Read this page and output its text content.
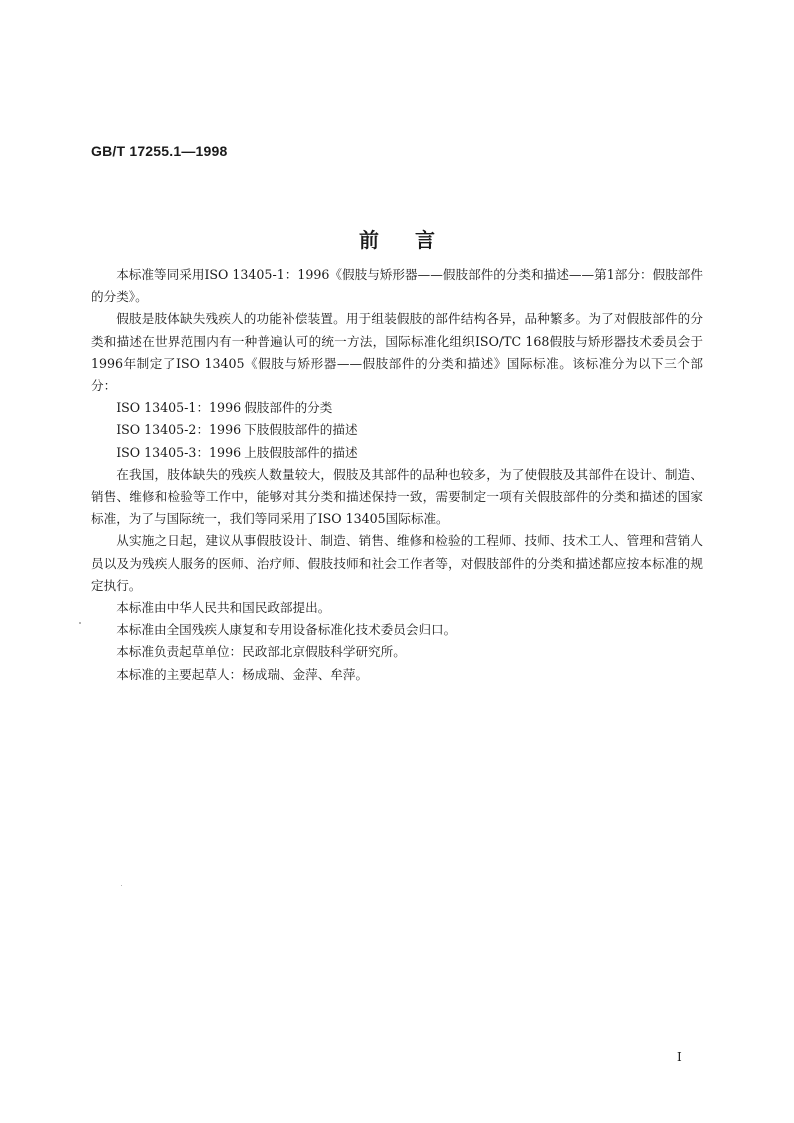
GB/T 17255.1—1998
前言

本标准等同采用ISO 13405-1：1996《假肢与矫形器——假肢部件的分类和描述——第1部分：假肢部件的分类》。

假肢是肢体缺失残疾人的功能补偿装置。用于组装假肢的部件结构各异，品种繁多。为了对假肢部件的分类和描述在世界范围内有一种普遍认可的统一方法，国际标准化组织ISO/TC 168假肢与矫形器技术委员会于1996年制定了ISO 13405《假肢与矫形器——假肢部件的分类和描述》国际标准。该标准分为以下三个部分：

ISO 13405-1：1996 假肢部件的分类

ISO 13405-2：1996 下肢假肢部件的描述

ISO 13405-3：1996 上肢假肢部件的描述

在我国，肢体缺失的残疾人数量较大，假肢及其部件的品种也较多，为了使假肢及其部件在设计、制造、销售、维修和检验等工作中，能够对其分类和描述保持一致，需要制定一项有关假肢部件的分类和描述的国家标准，为了与国际统一，我们等同采用了ISO 13405国际标准。

从实施之日起，建议从事假肢设计、制造、销售、维修和检验的工程师、技师、技术工人、管理和营销人员以及为残疾人服务的医师、治疗师、假肢技师和社会工作者等，对假肢部件的分类和描述都应按本标准的规定执行。

本标准由中华人民共和国民政部提出。

本标准由全国残疾人康复和专用设备标准化技术委员会归口。

本标准负责起草单位：民政部北京假肢科学研究所。

本标准的主要起草人：杨成瑞、金萍、牟萍。

I
